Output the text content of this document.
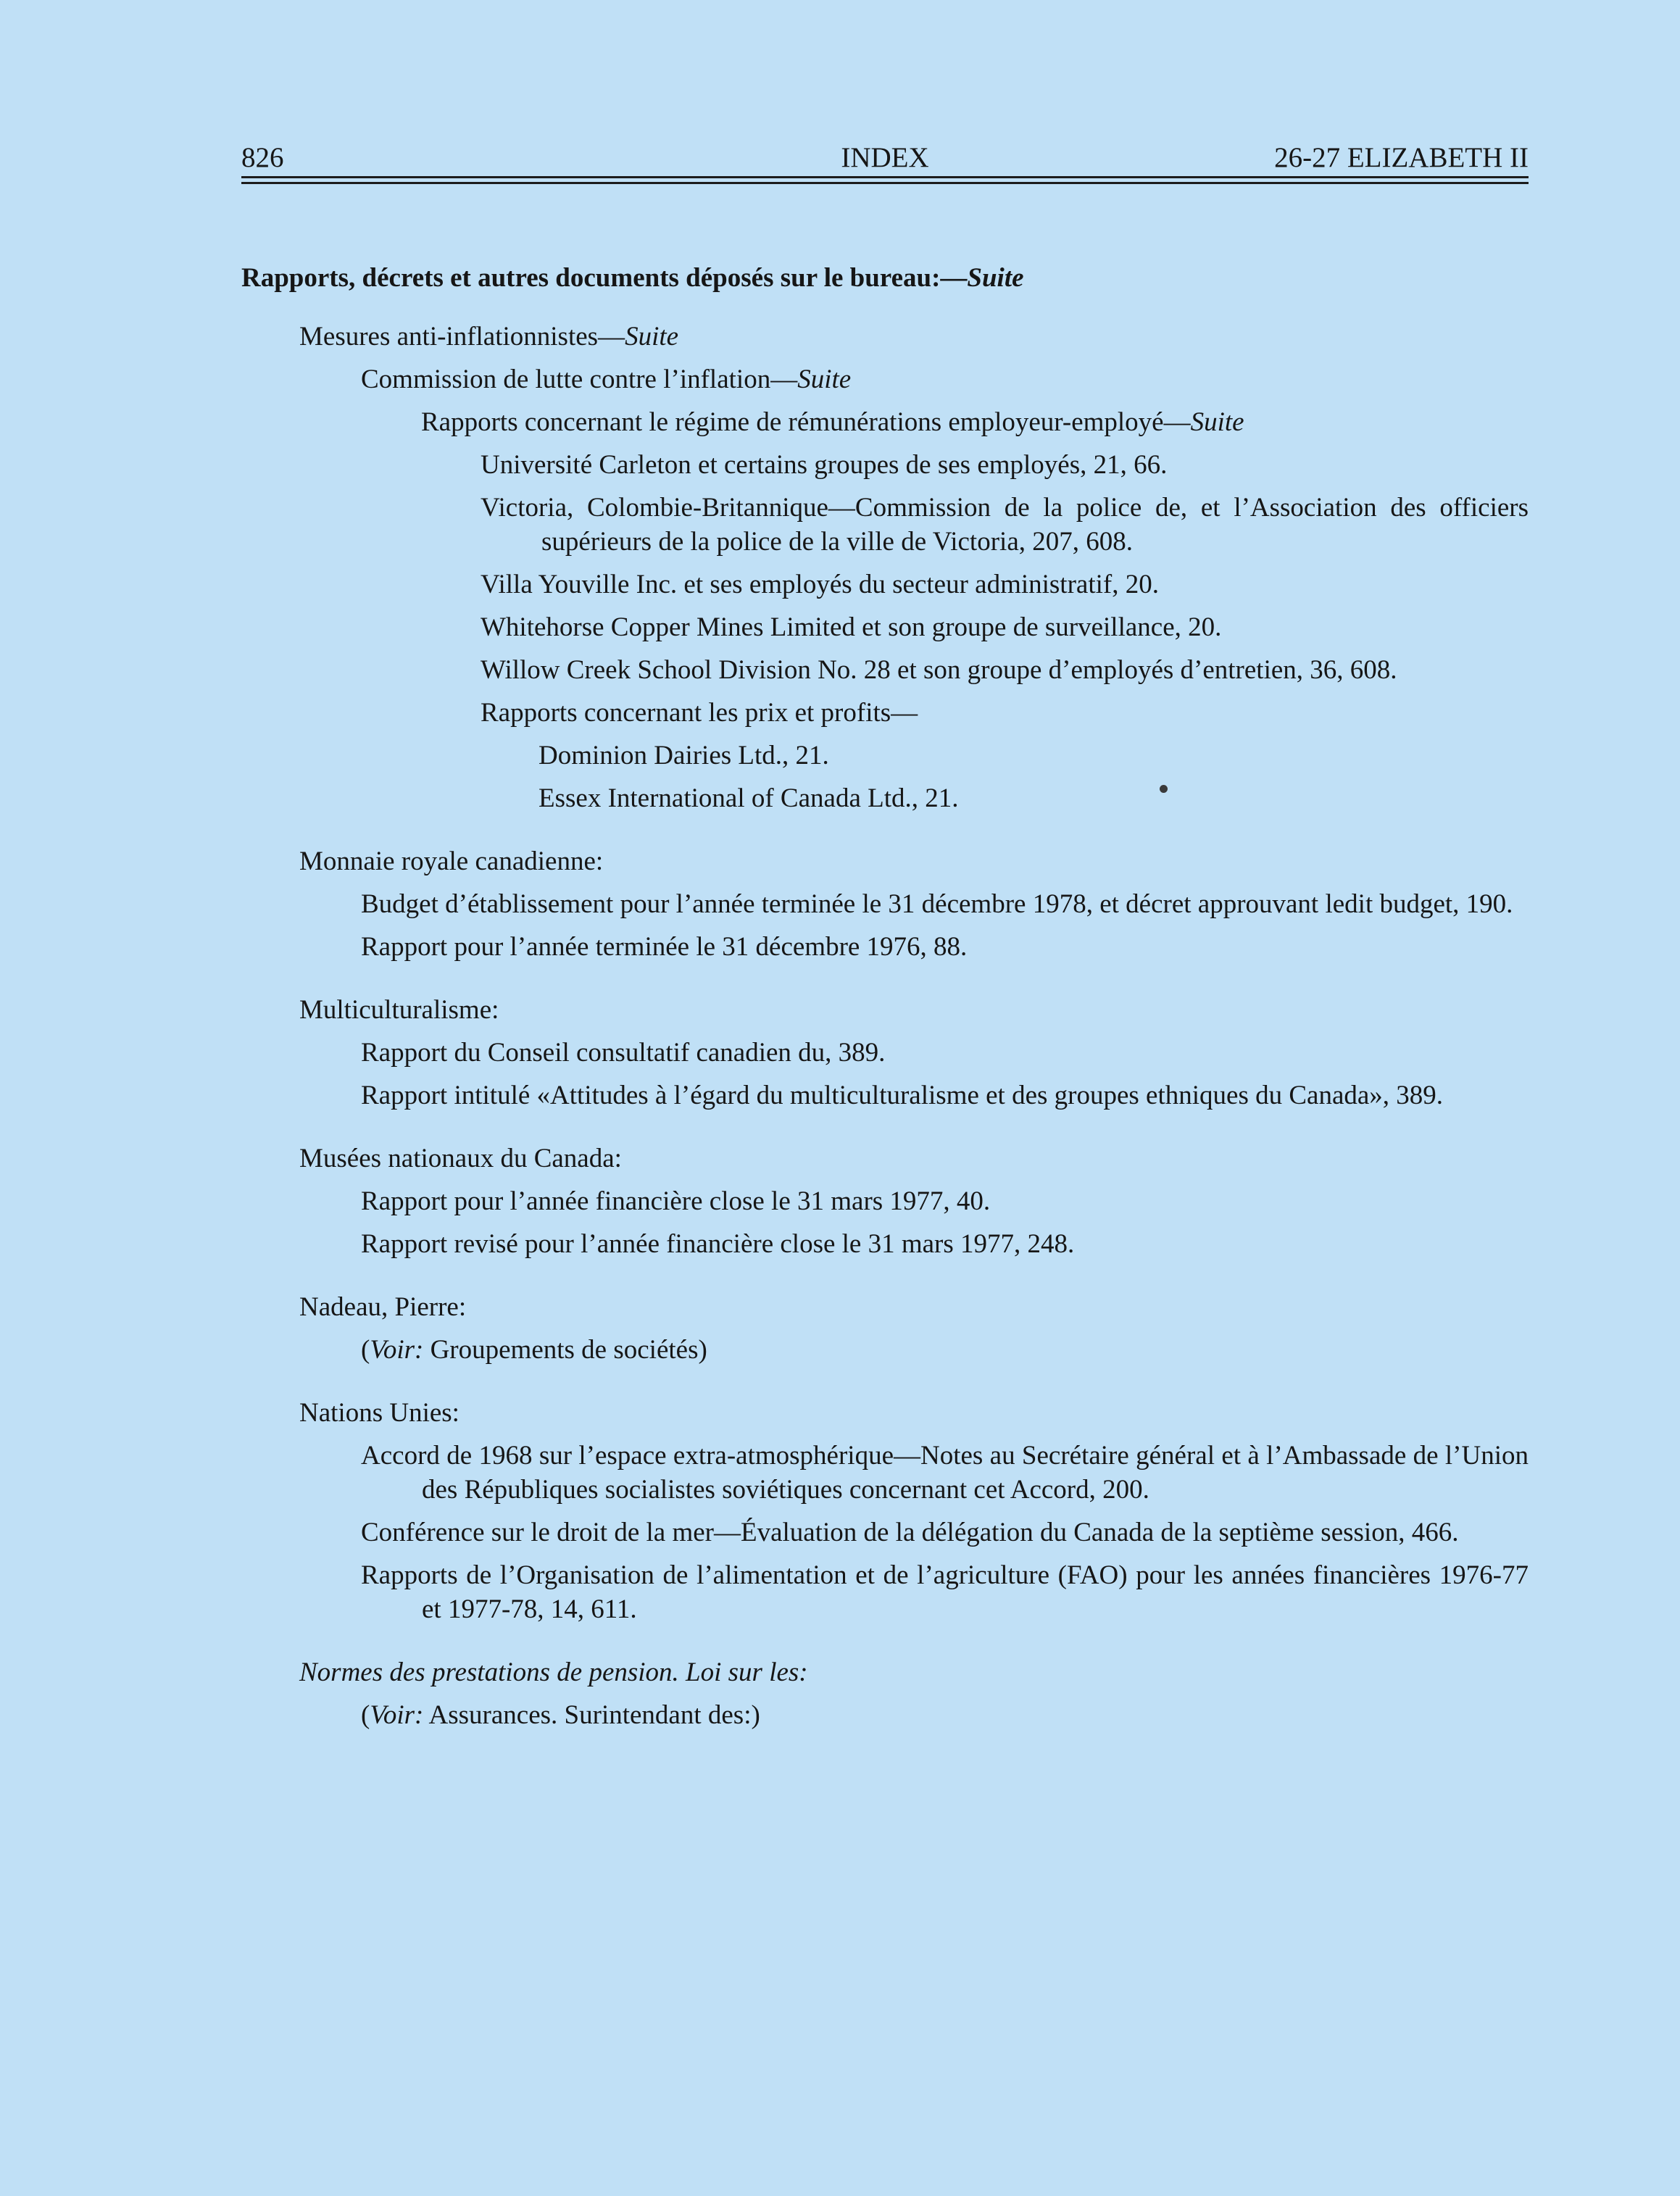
826	INDEX	26-27 ELIZABETH II

Rapports, décrets et autres documents déposés sur le bureau:—Suite

Mesures anti-inflationnistes—Suite

Commission de lutte contre l’inflation—Suite

Rapports concernant le régime de rémunérations employeur-employé—Suite

Université Carleton et certains groupes de ses employés, 21, 66.

Victoria, Colombie-Britannique—Commission de la police de, et l’Association des officiers supérieurs de la police de la ville de Victoria, 207, 608.

Villa Youville Inc. et ses employés du secteur administratif, 20.

Whitehorse Copper Mines Limited et son groupe de surveillance, 20.

Willow Creek School Division No. 28 et son groupe d’employés d’entretien, 36, 608.

Rapports concernant les prix et profits—

Dominion Dairies Ltd., 21.

Essex International of Canada Ltd., 21.

Monnaie royale canadienne:

Budget d’établissement pour l’année terminée le 31 décembre 1978, et décret approuvant ledit budget, 190.

Rapport pour l’année terminée le 31 décembre 1976, 88.

Multiculturalisme:

Rapport du Conseil consultatif canadien du, 389.

Rapport intitulé «Attitudes à l’égard du multiculturalisme et des groupes ethniques du Canada», 389.

Musées nationaux du Canada:

Rapport pour l’année financière close le 31 mars 1977, 40.

Rapport revisé pour l’année financière close le 31 mars 1977, 248.

Nadeau, Pierre:

(Voir: Groupements de sociétés)

Nations Unies:

Accord de 1968 sur l’espace extra-atmosphérique—Notes au Secrétaire général et à l’Ambassade de l’Union des Républiques socialistes soviétiques concernant cet Accord, 200.

Conférence sur le droit de la mer—Évaluation de la délégation du Canada de la septième session, 466.

Rapports de l’Organisation de l’alimentation et de l’agriculture (FAO) pour les années financières 1976-77 et 1977-78, 14, 611.

Normes des prestations de pension. Loi sur les:

(Voir: Assurances. Surintendant des:)
